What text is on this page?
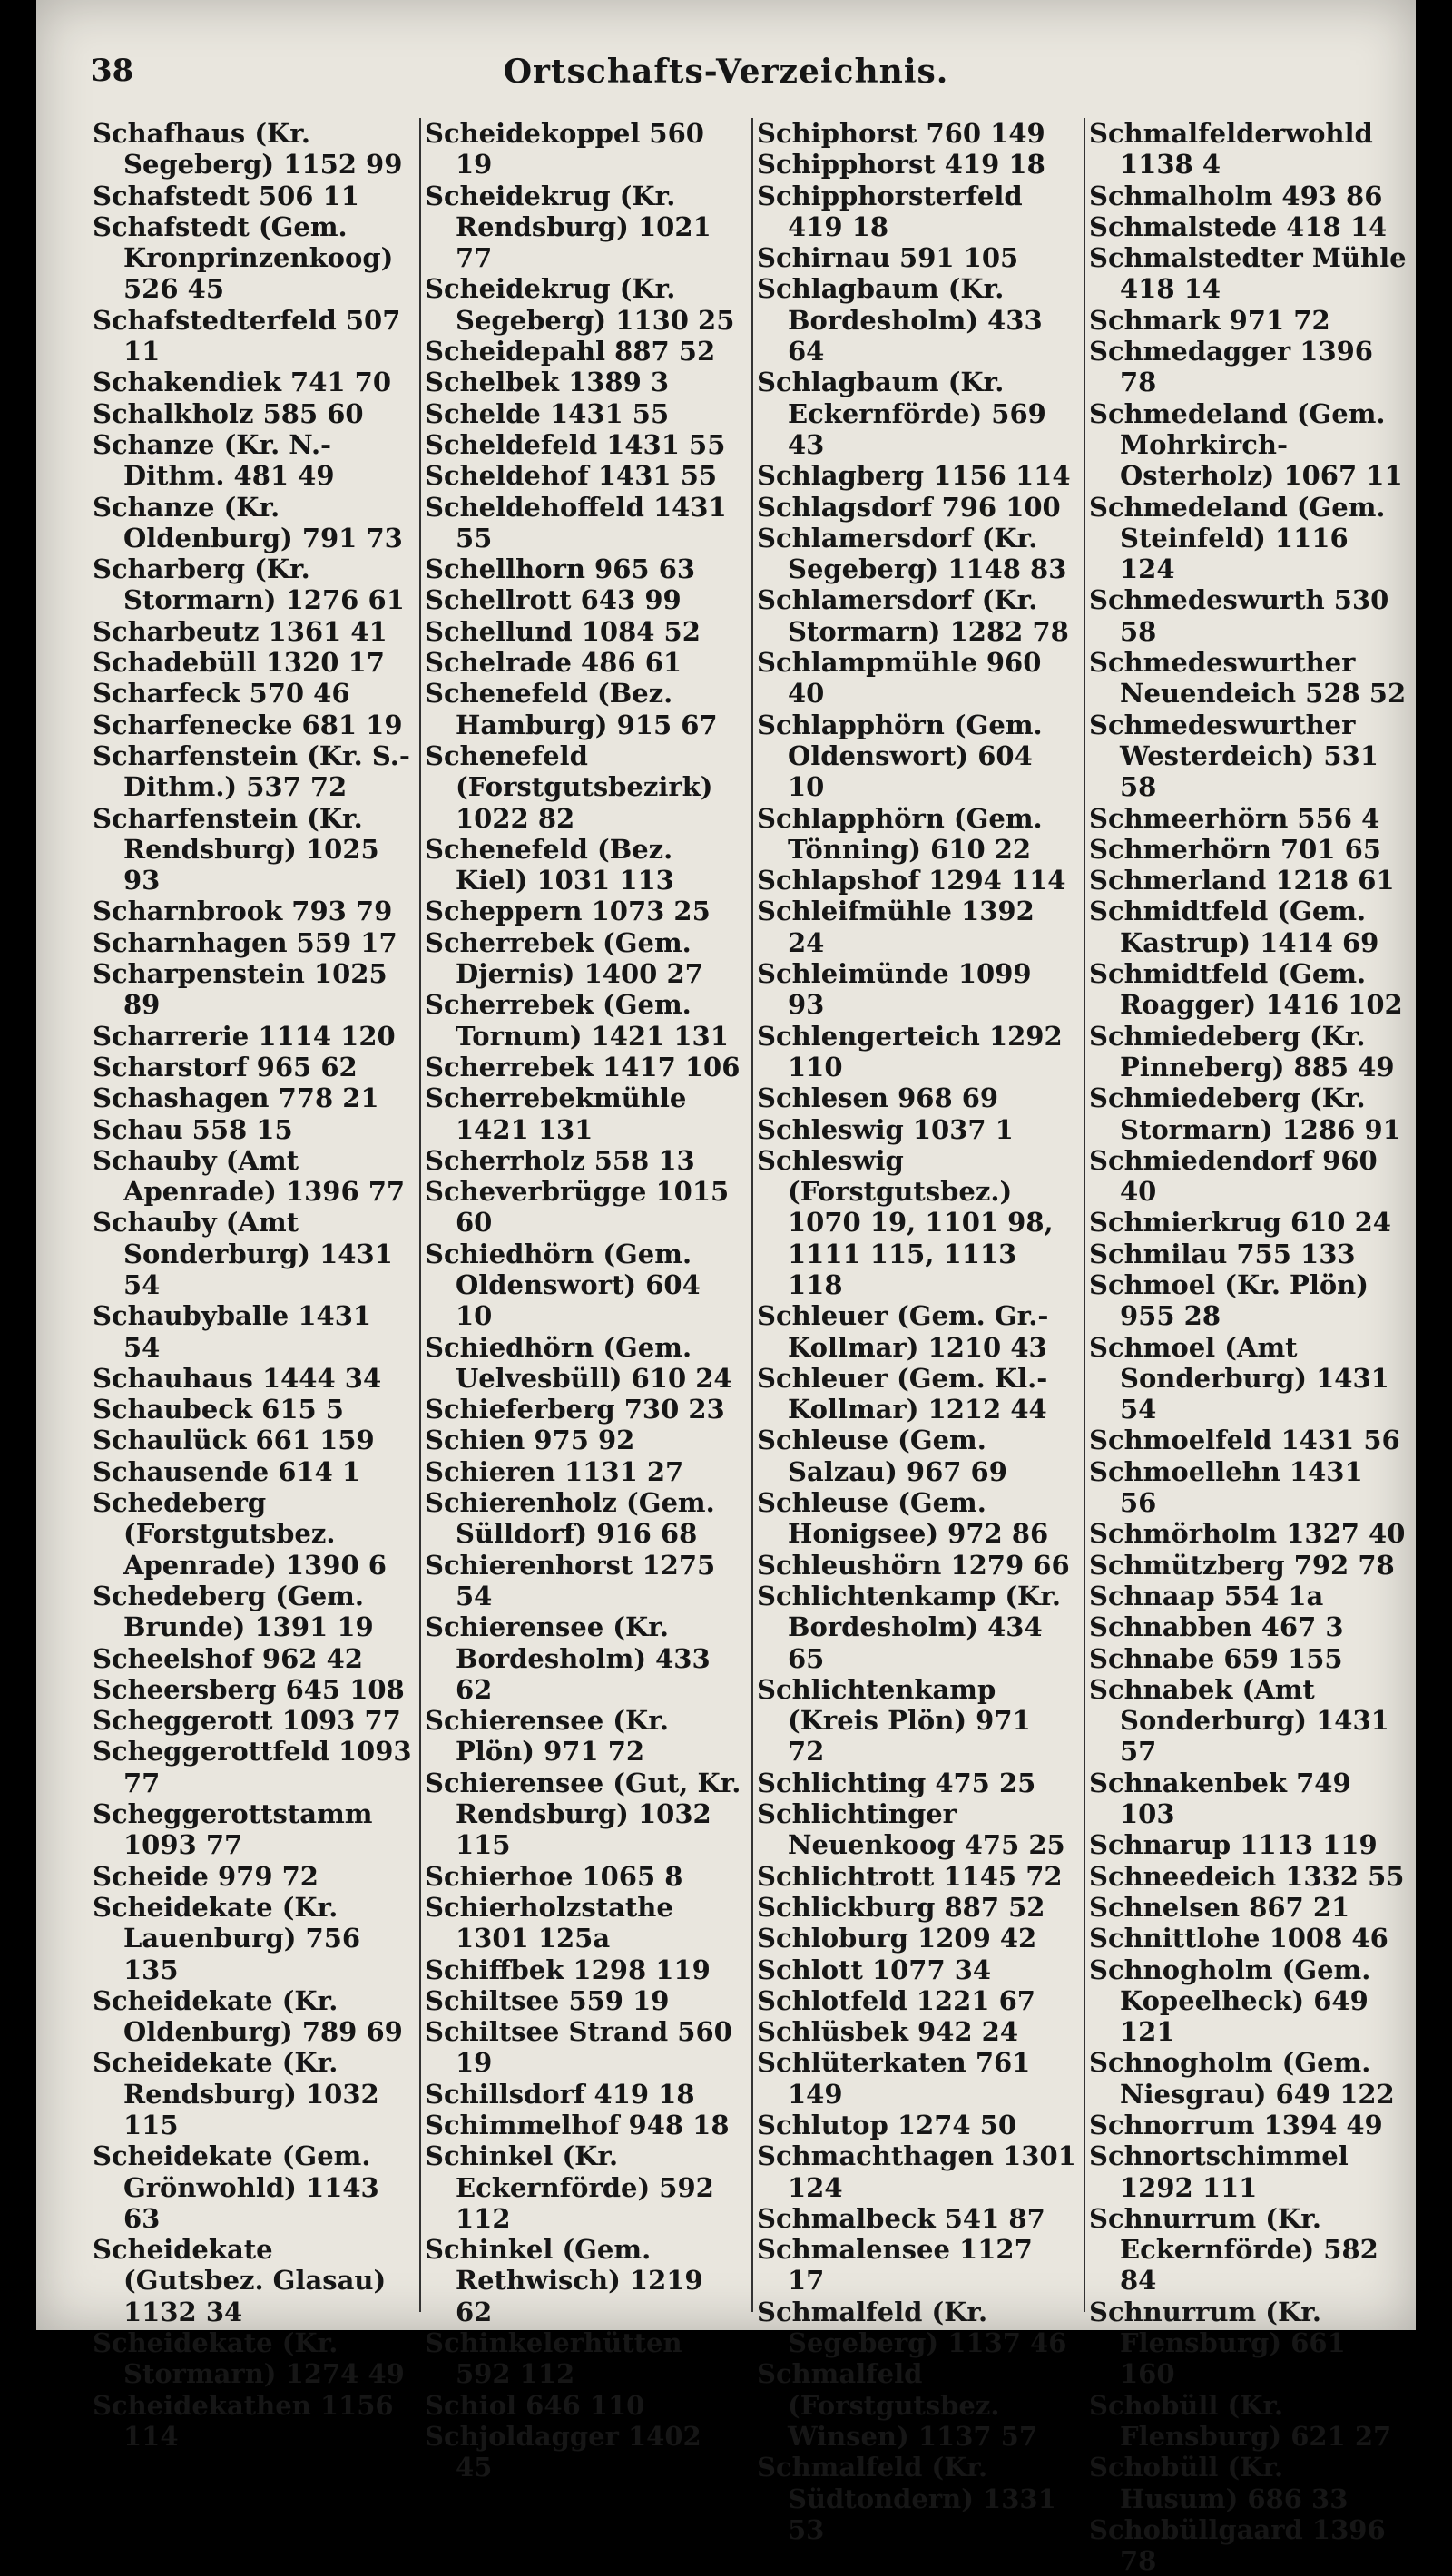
38	Ortschafts-Verzeichnis.
Schafhaus (Kr. Segeberg) 1152 99
Schafstedt 506 11
Schafstedt (Gem. Kronprinzenkoog) 526 45
Schafstedterfeld 507 11
Schakendiek 741 70
Schalkholz 585 60
Schanze (Kr. N.-Dithm. 481 49
Schanze (Kr. Oldenburg) 791 73
Scharberg (Kr. Stormarn) 1276 61
Scharbeutz 1361 41
Schadebüll 1320 17
Scharfeck 570 46
Scharfenecke 681 19
Scharfenstein (Kr. S.-Dithm.) 537 72
Scharfenstein (Kr. Rendsburg) 1025 93
Scharnbrook 793 79
Scharnhagen 559 17
Scharpenstein 1025 89
Scharrerie 1114 120
Scharstorf 965 62
Schashagen 778 21
Schau 558 15
Schauby (Amt Apenrade) 1396 77
Schauby (Amt Sonderburg) 1431 54
Schaubyballe 1431 54
Schauhaus 1444 34
Schaubeck 615 5
Schaulück 661 159
Schausende 614 1
Schedeberg (Forstgutsbez. Apenrade) 1390 6
Schedeberg (Gem. Brunde) 1391 19
Scheelshof 962 42
Scheersberg 645 108
Scheggerott 1093 77
Scheggerottfeld 1093 77
Scheggerottstamm 1093 77
Scheide 979 72
Scheidekate (Kr. Lauenburg) 756 135
Scheidekate (Kr. Oldenburg) 789 69
Scheidekate (Kr. Rendsburg) 1032 115
Scheidekate (Gem. Grönwohld) 1143 63
Scheidekate (Gutsbez. Glasau) 1132 34
Scheidekate (Kr. Stormarn) 1274 49
Scheidekathen 1156 114
Scheidekoppel 560 19
Scheidekrug (Kr. Rendsburg) 1021 77
Scheidekrug (Kr. Segeberg) 1130 25
Scheidepahl 887 52
Schelbek 1389 3
Schelde 1431 55
Scheldefeld 1431 55
Scheldehof 1431 55
Scheldehoffeld 1431 55
Schellhorn 965 63
Schellrott 643 99
Schellund 1084 52
Schelrade 486 61
Schenefeld (Bez. Hamburg) 915 67
Schenefeld (Forstgutsbezirk) 1022 82
Schenefeld (Bez. Kiel) 1031 113
Scheppern 1073 25
Scherrebek (Gem. Djernis) 1400 27
Scherrebek (Gem. Tornum) 1421 131
Scherrebek 1417 106
Scherrebekmühle 1421 131
Scherrholz 558 13
Scheverbrügge 1015 60
Schiedhörn (Gem. Oldenswort) 604 10
Schiedhörn (Gem. Uelvesbüll) 610 24
Schieferberg 730 23
Schien 975 92
Schieren 1131 27
Schierenholz (Gem. Sülldorf) 916 68
Schierenhorst 1275 54
Schierensee (Kr. Bordesholm) 433 62
Schierensee (Kr. Plön) 971 72
Schierensee (Gut, Kr. Rendsburg) 1032 115
Schierhoe 1065 8
Schierholzstathe 1301 125a
Schiffbek 1298 119
Schiltsee 559 19
Schiltsee Strand 560 19
Schillsdorf 419 18
Schimmelhof 948 18
Schinkel (Kr. Eckernförde) 592 112
Schinkel (Gem. Rethwisch) 1219 62
Schinkelerhütten 592 112
Schiol 646 110
Schjoldagger 1402 45
Schiphorst 760 149
Schipphorst 419 18
Schipphorsterfeld 419 18
Schirnau 591 105
Schlagbaum (Kr. Bordesholm) 433 64
Schlagbaum (Kr. Eckernförde) 569 43
Schlagberg 1156 114
Schlagsdorf 796 100
Schlamersdorf (Kr. Segeberg) 1148 83
Schlamersdorf (Kr. Stormarn) 1282 78
Schlampmühle 960 40
Schlapphörn (Gem. Oldenswort) 604 10
Schlapphörn (Gem. Tönning) 610 22
Schlapshof 1294 114
Schleifmühle 1392 24
Schleimünde 1099 93
Schlengerteich 1292 110
Schlesen 968 69
Schleswig 1037 1
Schleswig (Forstgutsbez.) 1070 19, 1101 98, 1111 115, 1113 118
Schleuer (Gem. Gr.-Kollmar) 1210 43
Schleuer (Gem. Kl.-Kollmar) 1212 44
Schleuse (Gem. Salzau) 967 69
Schleuse (Gem. Honigsee) 972 86
Schleushörn 1279 66
Schlichtenkamp (Kr. Bordesholm) 434 65
Schlichtenkamp (Kreis Plön) 971 72
Schlichting 475 25
Schlichtinger Neuenkoog 475 25
Schlichtrott 1145 72
Schlickburg 887 52
Schloburg 1209 42
Schlott 1077 34
Schlotfeld 1221 67
Schlüsbek 942 24
Schlüterkaten 761 149
Schlutop 1274 50
Schmachthagen 1301 124
Schmalbeck 541 87
Schmalensee 1127 17
Schmalfeld (Kr. Segeberg) 1137 46
Schmalfeld (Forstgutsbez. Winsen) 1137 57
Schmalfeld (Kr. Südtondern) 1331 53
Schmalfelderwohld 1138 4
Schmalholm 493 86
Schmalstede 418 14
Schmalstedter Mühle 418 14
Schmark 971 72
Schmedagger 1396 78
Schmedeland (Gem. Mohrkirch-Osterholz) 1067 11
Schmedeland (Gem. Steinfeld) 1116 124
Schmedeswurth 530 58
Schmedeswurther Neuendeich 528 52
Schmedeswurther Westerdeich) 531 58
Schmeerhörn 556 4
Schmerhörn 701 65
Schmerland 1218 61
Schmidtfeld (Gem. Kastrup) 1414 69
Schmidtfeld (Gem. Roagger) 1416 102
Schmiedeberg (Kr. Pinneberg) 885 49
Schmiedeberg (Kr. Stormarn) 1286 91
Schmiedendorf 960 40
Schmierkrug 610 24
Schmilau 755 133
Schmoel (Kr. Plön) 955 28
Schmoel (Amt Sonderburg) 1431 54
Schmoelfeld 1431 56
Schmoellehn 1431 56
Schmörholm 1327 40
Schmützberg 792 78
Schnaap 554 1a
Schnabben 467 3
Schnabe 659 155
Schnabek (Amt Sonderburg) 1431 57
Schnakenbek 749 103
Schnarup 1113 119
Schneedeich 1332 55
Schnelsen 867 21
Schnittlohe 1008 46
Schnogholm (Gem. Kopeelheck) 649 121
Schnogholm (Gem. Niesgrau) 649 122
Schnorrum 1394 49
Schnortschimmel 1292 111
Schnurrum (Kr. Eckernförde) 582 84
Schnurrum (Kr. Flensburg) 661 160
Schobüll (Kr. Flensburg) 621 27
Schobüll (Kr. Husum) 686 33
Schobüllgaard 1396 78
